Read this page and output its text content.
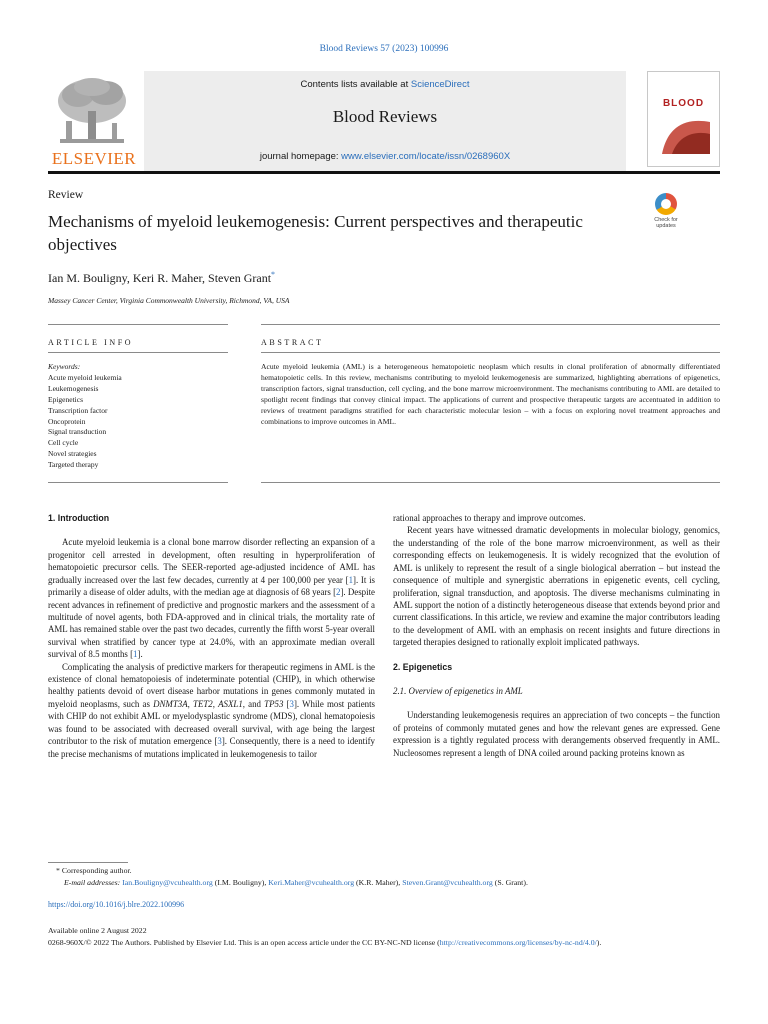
Blood Reviews 57 (2023) 100996
ELSEVIER
Contents lists available at ScienceDirect
Blood Reviews
journal homepage: www.elsevier.com/locate/issn/0268960X
BLOOD
Review
Mechanisms of myeloid leukemogenesis: Current perspectives and therapeutic objectives
Check for
updates
Ian M. Bouligny, Keri R. Maher, Steven Grant*
Massey Cancer Center, Virginia Commonwealth University, Richmond, VA, USA
ARTICLE INFO	ABSTRACT
Keywords:
Acute myeloid leukemia
Leukemogenesis
Epigenetics
Transcription factor
Oncoprotein
Signal transduction
Cell cycle
Novel strategies
Targeted therapy
Acute myeloid leukemia (AML) is a heterogeneous hematopoietic neoplasm which results in clonal proliferation of abnormally differentiated hematopoietic cells. In this review, mechanisms contributing to myeloid leukemogenesis are summarized, highlighting aberrations of epigenetics, transcription factors, signal transduction, cell cycling, and the bone marrow microenvironment. The mechanisms contributing to AML are detailed to spotlight recent findings that convey clinical impact. The applications of current and prospective therapeutic targets are accentuated in addition to reviews of treatment paradigms stratified for each characteristic molecular lesion – with a focus on exploring novel treatment approaches and combinations to improve outcomes in AML.
1. Introduction

Acute myeloid leukemia is a clonal bone marrow disorder reflecting an expansion of a progenitor cell arrested in development, often resulting in hyperproliferation of hematopoietic precursor cells. The SEER-reported age-adjusted incidence of AML has gradually increased over the last few decades, currently at 4 per 100,000 per year [1]. It is primarily a disease of older adults, with the median age at diagnosis of 68 years [2]. Despite recent advances in refinement of predictive and prognostic markers and the assessment of a multitude of novel agents, both FDA-approved and in clinical trials, the mortality rate of AML has remained stable over the past two decades, currently the fifth worst 5-year overall survival when stratified by cancer type at 24.0%, with an approximate median overall survival of 8.5 months [1].

Complicating the analysis of predictive markers for therapeutic regimens in AML is the existence of clonal hematopoiesis of indeterminate potential (CHIP), in which otherwise healthy patients devoid of overt disease harbor mutations in genes commonly mutated in myeloid neoplasms, such as DNMT3A, TET2, ASXL1, and TP53 [3]. While most patients with CHIP do not exhibit AML or myelodysplastic syndrome (MDS), clonal hematopoiesis was found to be associated with decreased overall survival, with age being the largest contributor to the risk of mutation emergence [3]. Consequently, there is a need to identify the precise mechanisms of mutations implicated in leukemogenesis to tailor

rational approaches to therapy and improve outcomes.

Recent years have witnessed dramatic developments in molecular biology, genomics, the understanding of the role of the bone marrow microenvironment, as well as their corresponding effects on leukemogenesis. It is widely recognized that the evolution of AML is unlikely to represent the result of a single biological aberration – but instead the consequence of multiple and synergistic aberrations in epigenetic events, cell cycling, proliferation, signal transduction, and apoptosis. The diverse mechanisms culminating in AML support the notion of a distinctly heterogeneous disease that extends beyond prior and current classifications. In this article, we review and examine the major contributors leading to the development of AML with an emphasis on recent insights and future directions in targeted therapies designed to rationally exploit implicated pathways.

2. Epigenetics
2.1. Overview of epigenetics in AML

Understanding leukemogenesis requires an appreciation of two concepts – the function of proteins of commonly mutated genes and how the relevant genes are expressed. Gene expression is a tightly regulated process with derangements observed frequently in AML. Nucleosomes represent a length of DNA coiled around packing proteins known as

* Corresponding author.
E-mail addresses: Ian.Bouligny@vcuhealth.org (I.M. Bouligny), Keri.Maher@vcuhealth.org (K.R. Maher), Steven.Grant@vcuhealth.org (S. Grant).
https://doi.org/10.1016/j.blre.2022.100996
Available online 2 August 2022
0268-960X/© 2022 The Authors. Published by Elsevier Ltd. This is an open access article under the CC BY-NC-ND license (http://creativecommons.org/licenses/by-nc-nd/4.0/).
